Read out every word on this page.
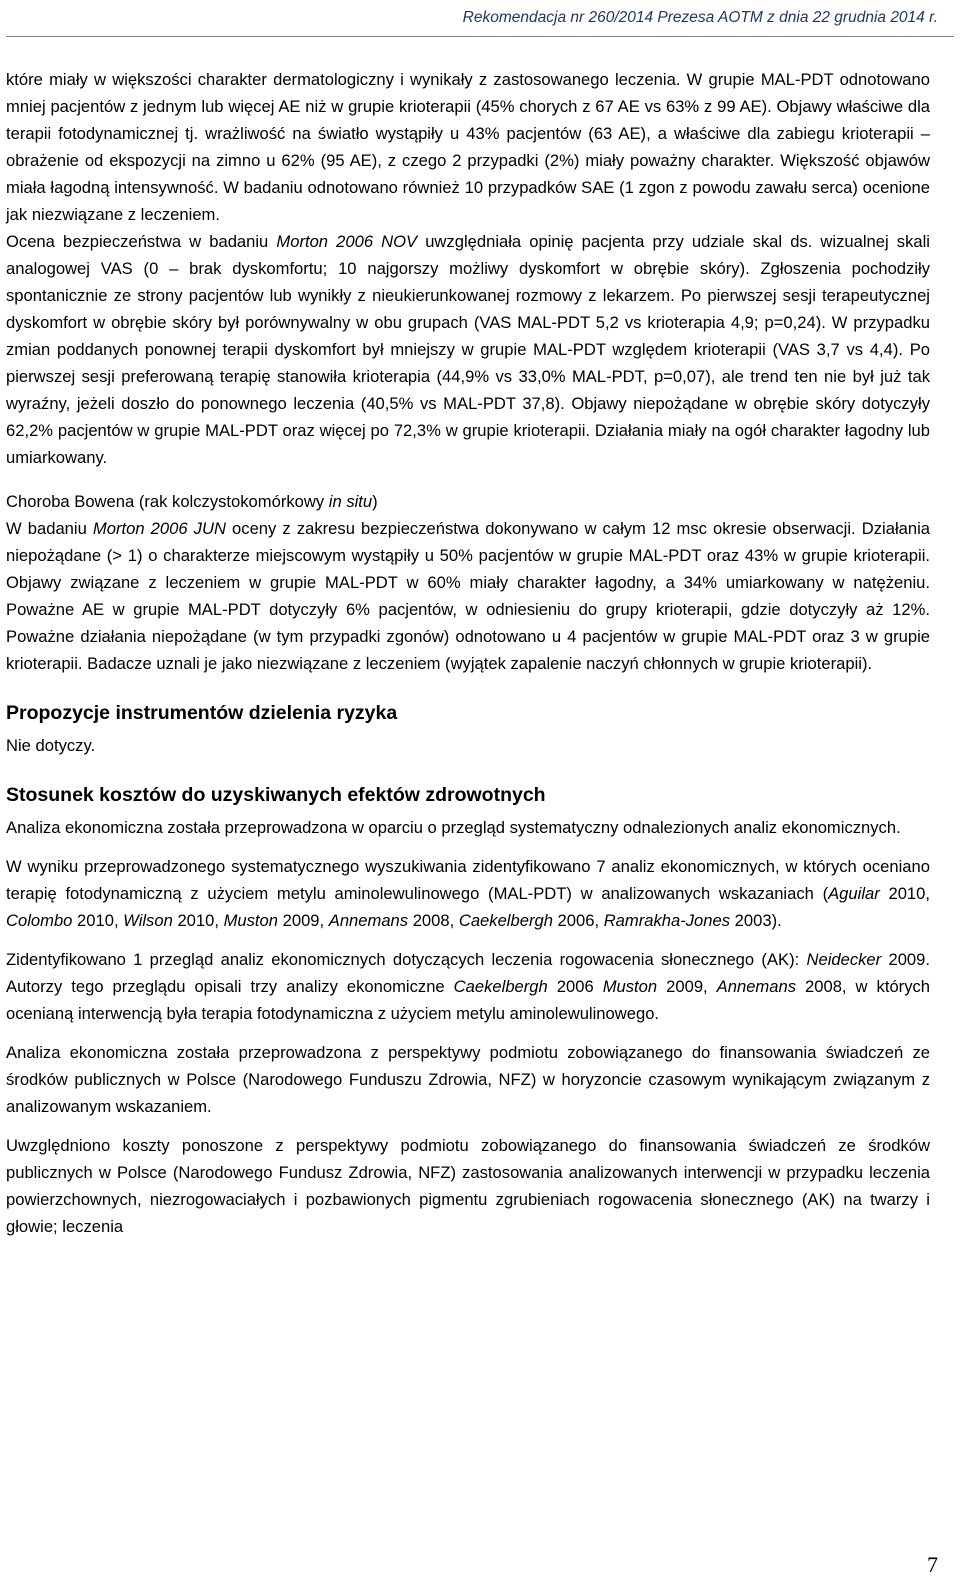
Rekomendacja nr 260/2014 Prezesa AOTM z dnia 22 grudnia 2014 r.

które miały w większości charakter dermatologiczny i wynikały z zastosowanego leczenia. W grupie MAL-PDT odnotowano mniej pacjentów z jednym lub więcej AE niż w grupie krioterapii (45% chorych z 67 AE vs 63% z 99 AE). Objawy właściwe dla terapii fotodynamicznej tj. wrażliwość na światło wystąpiły u 43% pacjentów (63 AE), a właściwe dla zabiegu krioterapii – obrażenie od ekspozycji na zimno u 62% (95 AE), z czego 2 przypadki (2%) miały poważny charakter. Większość objawów miała łagodną intensywność. W badaniu odnotowano również 10 przypadków SAE (1 zgon z powodu zawału serca) ocenione jak niezwiązane z leczeniem.

Ocena bezpieczeństwa w badaniu Morton 2006 NOV uwzględniała opinię pacjenta przy udziale skal ds. wizualnej skali analogowej VAS (0 – brak dyskomfortu; 10 najgorszy możliwy dyskomfort w obrębie skóry). Zgłoszenia pochodziły spontanicznie ze strony pacjentów lub wynikły z nieukierunkowanej rozmowy z lekarzem. Po pierwszej sesji terapeutycznej dyskomfort w obrębie skóry był porównywalny w obu grupach (VAS MAL-PDT 5,2 vs krioterapia 4,9; p=0,24). W przypadku zmian poddanych ponownej terapii dyskomfort był mniejszy w grupie MAL-PDT względem krioterapii (VAS 3,7 vs 4,4). Po pierwszej sesji preferowaną terapię stanowiła krioterapia (44,9% vs 33,0% MAL-PDT, p=0,07), ale trend ten nie był już tak wyraźny, jeżeli doszło do ponownego leczenia (40,5% vs MAL-PDT 37,8). Objawy niepożądane w obrębie skóry dotyczyły 62,2% pacjentów w grupie MAL-PDT oraz więcej po 72,3% w grupie krioterapii. Działania miały na ogół charakter łagodny lub umiarkowany.

Choroba Bowena (rak kolczystokomórkowy in situ)

W badaniu Morton 2006 JUN oceny z zakresu bezpieczeństwa dokonywano w całym 12 msc okresie obserwacji. Działania niepożądane (> 1) o charakterze miejscowym wystąpiły u 50% pacjentów w grupie MAL-PDT oraz 43% w grupie krioterapii. Objawy związane z leczeniem w grupie MAL-PDT w 60% miały charakter łagodny, a 34% umiarkowany w natężeniu. Poważne AE w grupie MAL-PDT dotyczyły 6% pacjentów, w odniesieniu do grupy krioterapii, gdzie dotyczyły aż 12%. Poważne działania niepożądane (w tym przypadki zgonów) odnotowano u 4 pacjentów w grupie MAL-PDT oraz 3 w grupie krioterapii. Badacze uznali je jako niezwiązane z leczeniem (wyjątek zapalenie naczyń chłonnych w grupie krioterapii).

Propozycje instrumentów dzielenia ryzyka

Nie dotyczy.

Stosunek kosztów do uzyskiwanych efektów zdrowotnych

Analiza ekonomiczna została przeprowadzona w oparciu o przegląd systematyczny odnalezionych analiz ekonomicznych.

W wyniku przeprowadzonego systematycznego wyszukiwania zidentyfikowano 7 analiz ekonomicznych, w których oceniano terapię fotodynamiczną z użyciem metylu aminolewulinowego (MAL-PDT) w analizowanych wskazaniach (Aguilar 2010, Colombo 2010, Wilson 2010, Muston 2009, Annemans 2008, Caekelbergh 2006, Ramrakha-Jones 2003).

Zidentyfikowano 1 przegląd analiz ekonomicznych dotyczących leczenia rogowacenia słonecznego (AK): Neidecker 2009. Autorzy tego przeglądu opisali trzy analizy ekonomiczne Caekelbergh 2006 Muston 2009, Annemans 2008, w których ocenianą interwencją była terapia fotodynamiczna z użyciem metylu aminolewulinowego.

Analiza ekonomiczna została przeprowadzona z perspektywy podmiotu zobowiązanego do finansowania świadczeń ze środków publicznych w Polsce (Narodowego Funduszu Zdrowia, NFZ) w horyzoncie czasowym wynikającym związanym z analizowanym wskazaniem.

Uwzględniono koszty ponoszone z perspektywy podmiotu zobowiązanego do finansowania świadczeń ze środków publicznych w Polsce (Narodowego Fundusz Zdrowia, NFZ) zastosowania analizowanych interwencji w przypadku leczenia powierzchownych, niezrogowaciałych i pozbawionych pigmentu zgrubieniach rogowacenia słonecznego (AK) na twarzy i głowie; leczenia

7
